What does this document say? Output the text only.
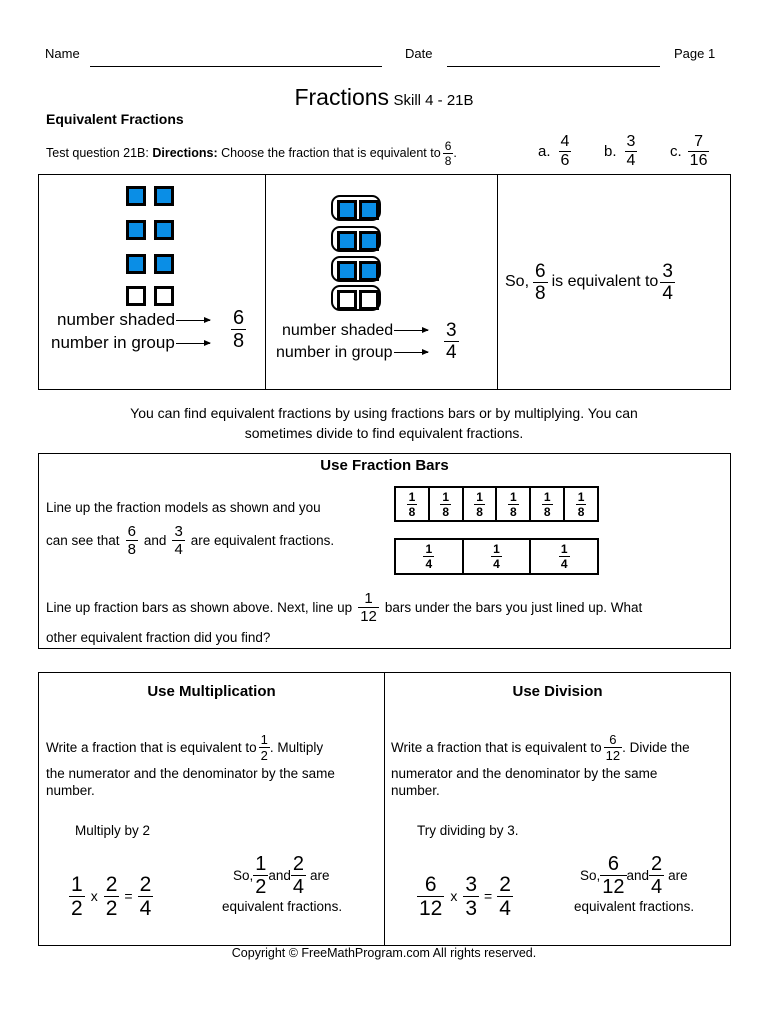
Name	Date	Page 1
Fractions Skill 4 - 21B
Equivalent Fractions
Test question 21B: Directions: Choose the fraction that is equivalent to $\frac{6}{8}$ .	a. $\frac{4}{6} b$. $\frac{3}{4} c$. $\frac{7}{16}$
number shaded
number in group	$\frac{6}{8}$ number shaded
number in group	$\frac{3}{4}$
So, $\frac{6}{8}$ is equivalent to $\frac{3}{4}$
You can find equivalent fractions by using fractions bars or by multiplying. You can
sometimes divide to find equivalent fractions.
Use Fraction Bars
Line up the fraction models as shown and you
can see that $\frac{6}{8}$ and $\frac{3}{4}$ are equivalent fractions.
$\frac{1}{8} \frac{1}{8} \frac{1}{8} \frac{1}{8} \frac{1}{8} \frac{1}{8}$
$\frac{1}{4}$	$\frac{1}{4}$	$\frac{1}{4}$
Line up fraction bars as shown above. Next, line up $\frac{1}{12}$ bars under the bars you just lined up. What
other equivalent fraction did you find?
Use Multiplication
Write a fraction that is equivalent to $\frac{1}{2}$ . Multiply
the numerator and the denominator by the same
number.
Multiply by 2
$\frac{1}{2}$ x $\frac{2}{2} = \frac{2}{4}$	So, $\frac{1}{2}$ and $\frac{2}{4}$ are
equivalent fractions.
Use Division
Write a fraction that is equivalent to $\frac{6}{12}$ . Divide the
numerator and the denominator by the same
number.
Try dividing by 3.
$\frac{6}{12}$ x $\frac{3}{3} = \frac{2}{4}$	So, $\frac{6}{12}$ and $\frac{2}{4}$ are
equivalent fractions.
Copyright © FreeMathProgram.com All rights reserved.
